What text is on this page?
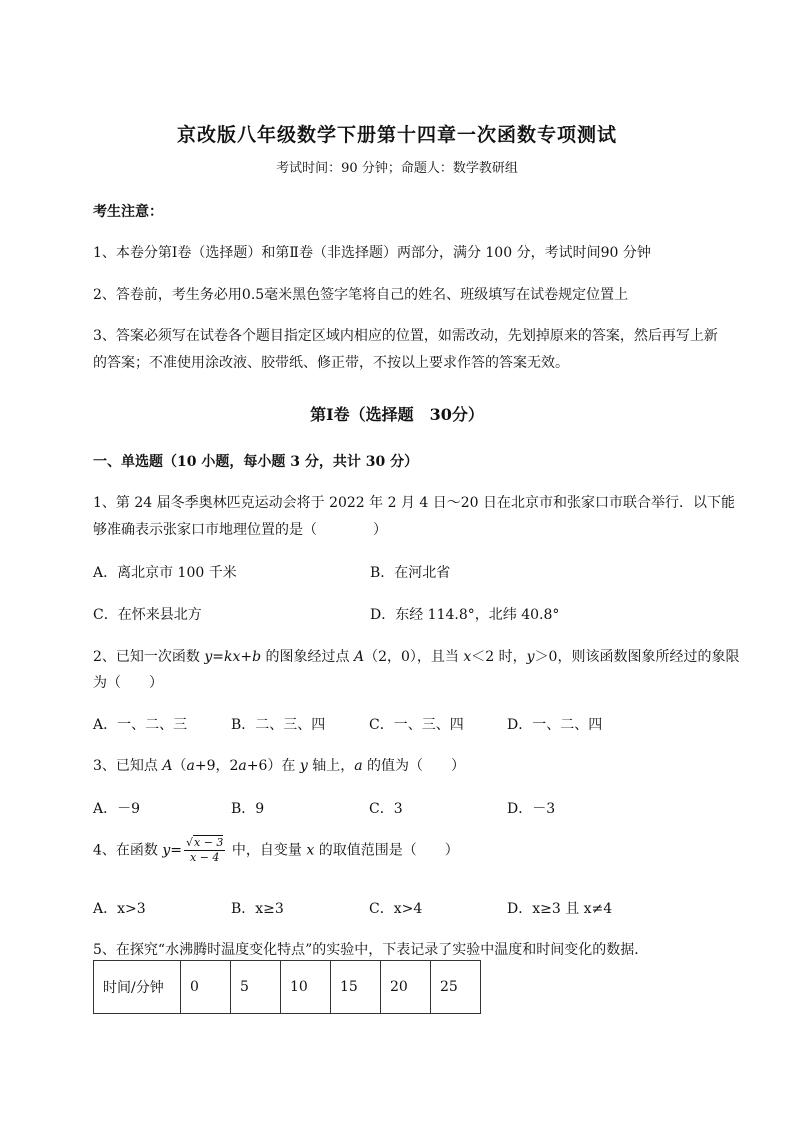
京改版八年级数学下册第十四章一次函数专项测试
考试时间：90 分钟；命题人：数学教研组
考生注意：
1、本卷分第Ⅰ卷（选择题）和第Ⅱ卷（非选择题）两部分，满分 100 分，考试时间90 分钟
2、答卷前，考生务必用0.5毫米黑色签字笔将自己的姓名、班级填写在试卷规定位置上
3、答案必须写在试卷各个题目指定区域内相应的位置，如需改动，先划掉原来的答案，然后再写上新
的答案；不准使用涂改液、胶带纸、修正带，不按以上要求作答的答案无效。
第Ⅰ卷（选择题　30分）
一、单选题（10 小题，每小题 3 分，共计 30 分）
1、第 24 届冬季奥林匹克运动会将于 2022 年 2 月 4 日～20 日在北京市和张家口市联合举行．以下能
够准确表示张家口市地理位置的是（　　　　）
A．离北京市 100 千米	B．在河北省
C．在怀来县北方	D．东经 114.8°，北纬 40.8°
2、已知一次函数 y=kx+b 的图象经过点 A（2，0），且当 x＜2 时，y＞0，则该函数图象所经过的象限
为（　　）
A．一、二、三	B．二、三、四	C．一、三、四	D．一、二、四
3、已知点 A（a+9，2a+6）在 y 轴上，a 的值为（　　）
A．－9	B．9	C．3	D．－3
4、在函数 $y= \frac{√x - 3}{x - 4}$ 中，自变量 x 的取值范围是（　　）
A．x>3	B．x≥3	C．x>4	D．x≥3 且 x≠4
5、在探究“水沸腾时温度变化特点”的实验中，下表记录了实验中温度和时间变化的数据．
时间/分钟	0	5	10	15	20	25
